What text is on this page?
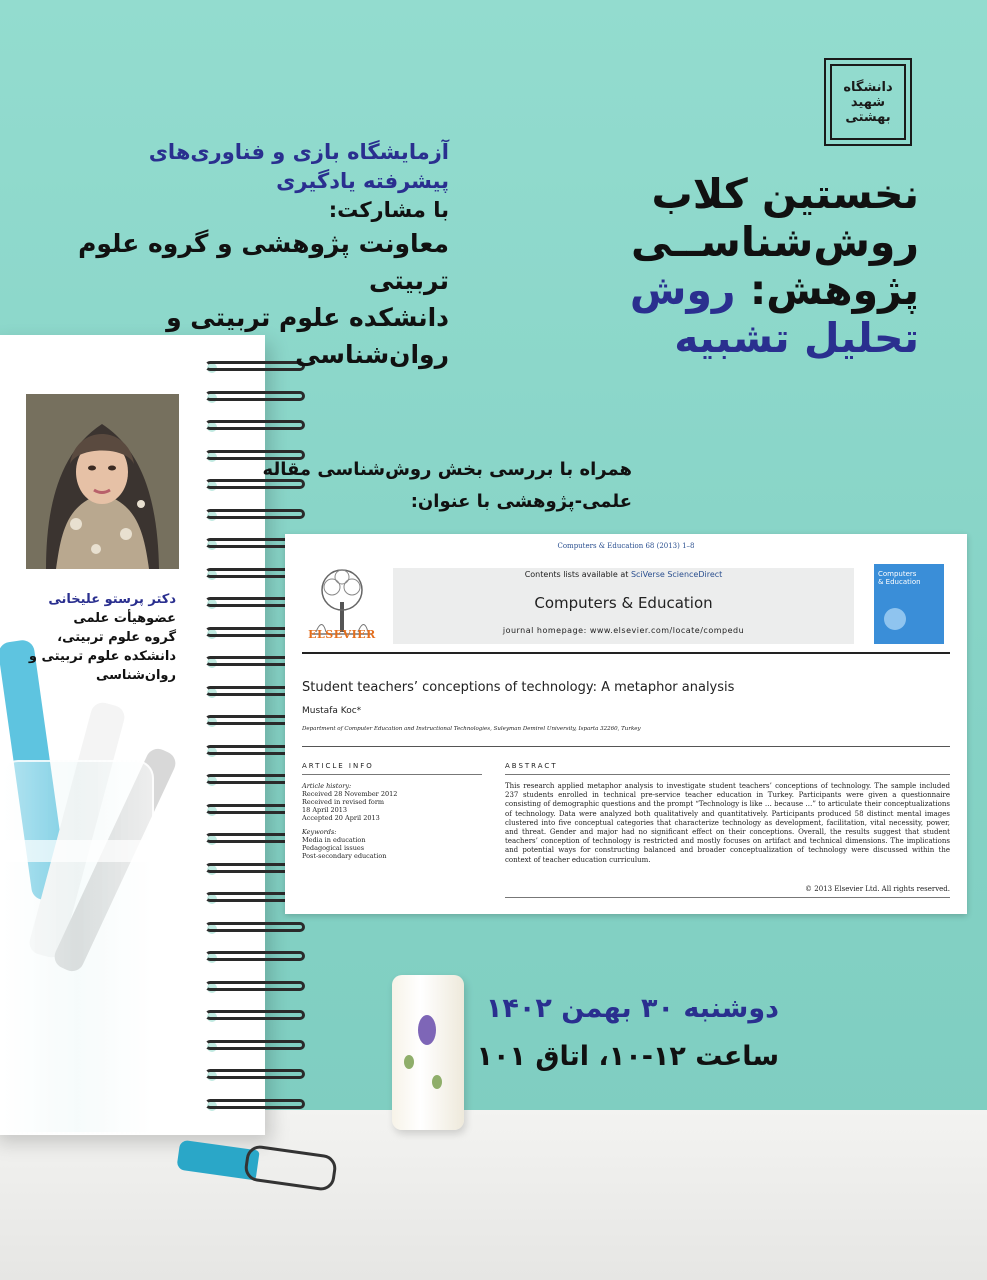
دانشگاه
شهید
بهشتی
نخستین کلاب
روش‌شناســی
پژوهش: روش
تحلیل تشبیه
آزمایشگاه بازی و فناوری‌های
پیشرفته یادگیری
با مشارکت:
معاونت پژوهشی و گروه علوم تربیتی
دانشکده علوم تربیتی و روان‌شناسی
همراه با بررسی بخش روش‌شناسی مقاله
علمی-پژوهشی با عنوان:
دکتر پرستو علیخانی
عضوهیأت علمی
گروه علوم تربیتی،
دانشکده علوم تربیتی و
روان‌شناسی
دوشنبه ۳۰ بهمن ۱۴۰۲
ساعت ۱۲-۱۰، اتاق ۱۰۱
Computers & Education 68 (2013) 1–8
ELSEVIER
Contents lists available at SciVerse ScienceDirect
Computers & Education
journal homepage: www.elsevier.com/locate/compedu
Computers
& Education
Student teachers’ conceptions of technology: A metaphor analysis
Mustafa Koc*
Department of Computer Education and Instructional Technologies, Suleyman Demirel University, Isparta 32260, Turkey
ARTICLE INFO	ABSTRACT
Article history:
Received 28 November 2012
Received in revised form
18 April 2013
Accepted 20 April 2013
Keywords:
Media in education
Pedagogical issues
Post-secondary education
This research applied metaphor analysis to investigate student teachers’ conceptions of technology. The sample included 237 students enrolled in technical pre-service teacher education in Turkey. Participants were given a questionnaire consisting of demographic questions and the prompt “Technology is like … because …” to articulate their conceptualizations of technology. Data were analyzed both qualitatively and quantitatively. Participants produced 58 distinct mental images clustered into five conceptual categories that characterize technology as development, facilitation, vital necessity, power, and threat. Gender and major had no significant effect on their conceptions. Overall, the results suggest that student teachers’ conception of technology is restricted and mostly focuses on artifact and technical dimensions. The implications and potential ways for constructing balanced and broader conceptualization of technology were discussed within the context of teacher education curriculum.
© 2013 Elsevier Ltd. All rights reserved.
